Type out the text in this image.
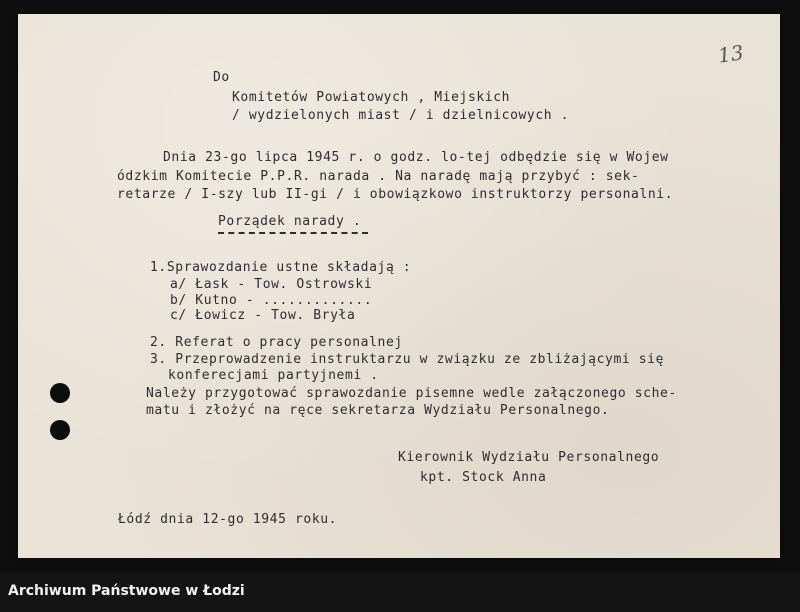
13

Do

Komitetów Powiatowych , Miejskich

/ wydzielonych miast / i dzielnicowych .

Dnia 23-go lipca 1945 r. o godz. lo-tej odbędzie się w Wojew

ódzkim Komitecie P.P.R. narada . Na naradę mają przybyć : sek-

retarze / I-szy lub II-gi / i obowiązkowo instruktorzy personalni.

Porządek narady .

1.Sprawozdanie ustne składają :

a/ Łask - Tow. Ostrowski

b/ Kutno - .............

c/ Łowicz - Tow. Bryła

2. Referat o pracy personalnej

3. Przeprowadzenie instruktarzu w związku ze zbliżającymi się

konferecjami partyjnemi .

Należy przygotować sprawozdanie pisemne wedle załączonego sche-

matu i złożyć na ręce sekretarza Wydziału Personalnego.

Kierownik Wydziału Personalnego

kpt. Stock Anna

Łódź dnia 12-go 1945 roku.

Archiwum Państwowe w Łodzi
